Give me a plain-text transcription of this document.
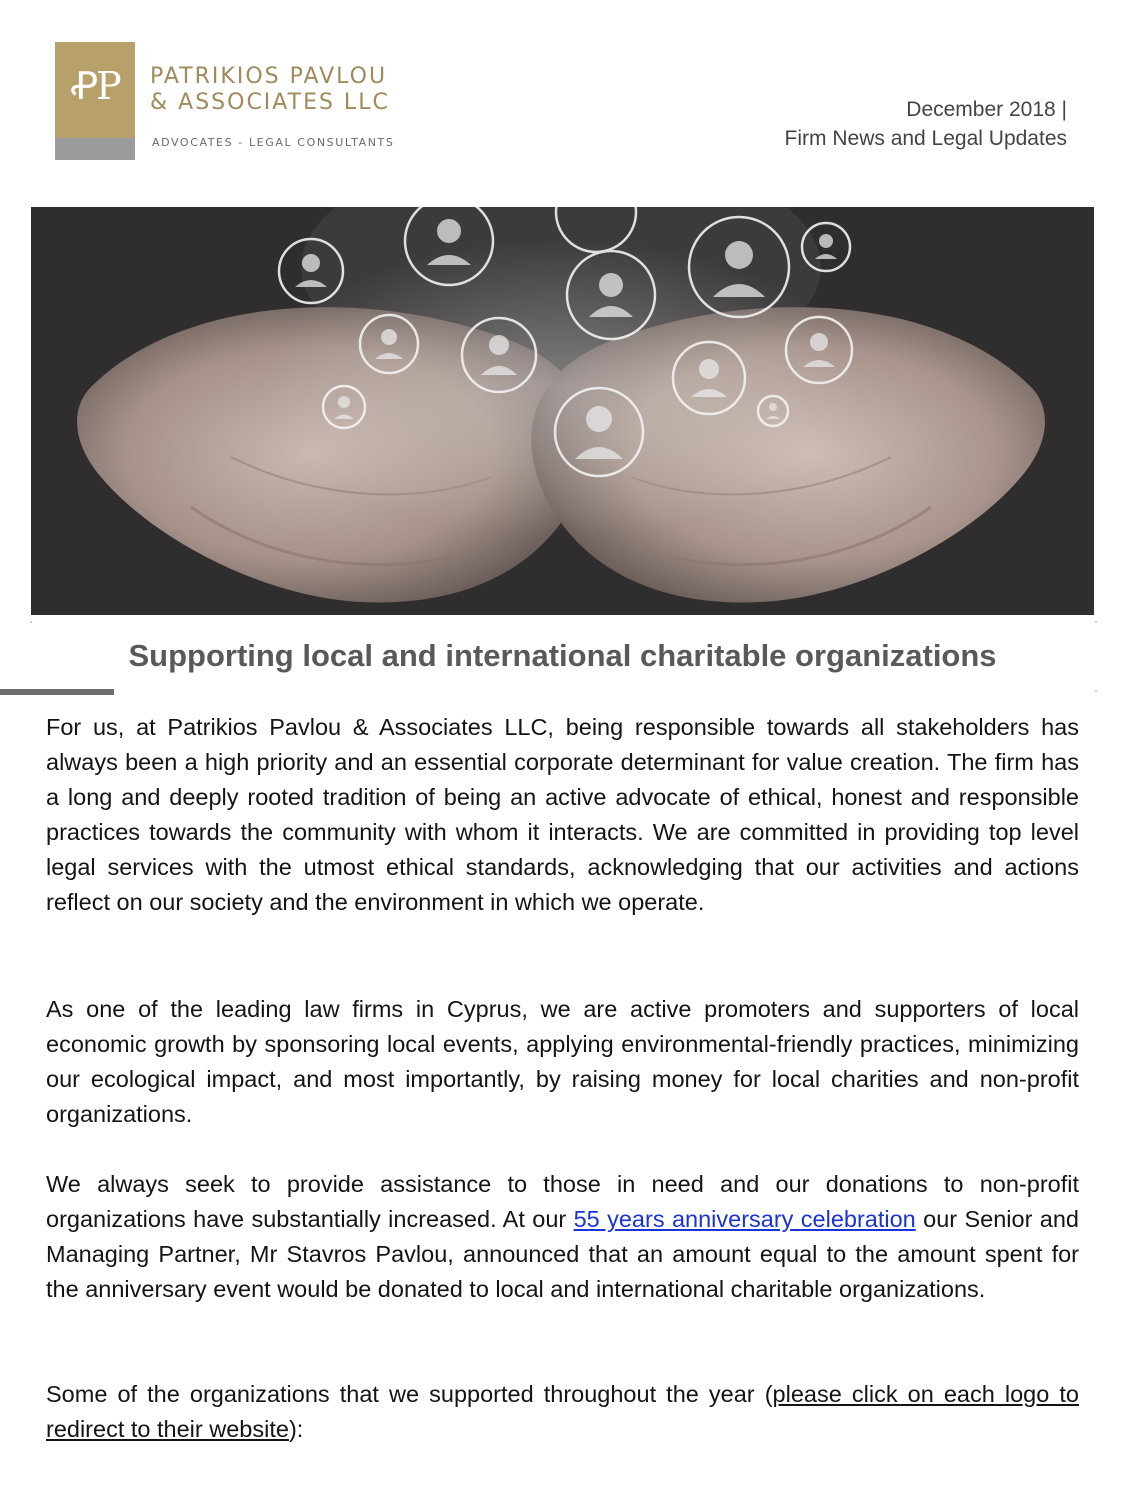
ꝒP	PATRIKIOS PAVLOU
& ASSOCIATES LLC
ADVOCATES - LEGAL CONSULTANTS
December 2018 |
Firm News and Legal Updates
Supporting local and international charitable organizations

For us, at Patrikios Pavlou & Associates LLC, being responsible towards all stakeholders has always been a high priority and an essential corporate determinant for value creation. The firm has a long and deeply rooted tradition of being an active advocate of ethical, honest and responsible practices towards the community with whom it interacts. We are committed in providing top level legal services with the utmost ethical standards, acknowledging that our activities and actions reflect on our society and the environment in which we operate.

As one of the leading law firms in Cyprus, we are active promoters and supporters of local economic growth by sponsoring local events, applying environmental-friendly practices, minimizing our ecological impact, and most importantly, by raising money for local charities and non-profit organizations.

We always seek to provide assistance to those in need and our donations to non-profit organizations have substantially increased. At our 55 years anniversary celebration our Senior and Managing Partner, Mr Stavros Pavlou, announced that an amount equal to the amount spent for the anniversary event would be donated to local and international charitable organizations.

Some of the organizations that we supported throughout the year (please click on each logo to redirect to their website):
